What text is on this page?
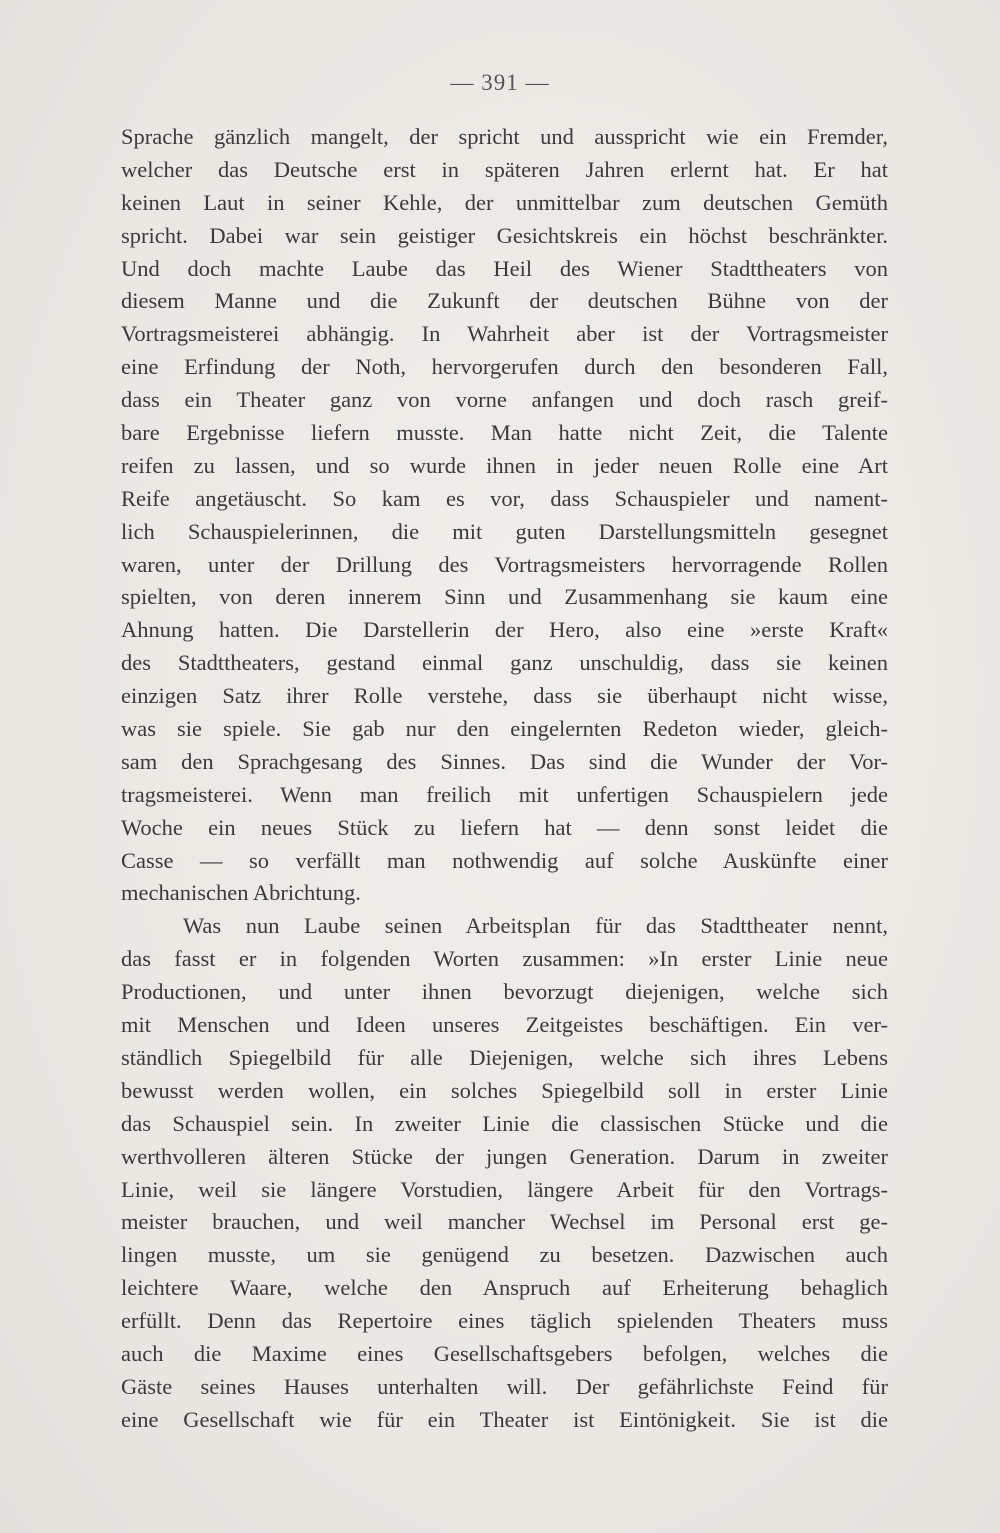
— 391 —
Sprache gänzlich mangelt, der spricht und ausspricht wie ein Fremder,
welcher das Deutsche erst in späteren Jahren erlernt hat. Er hat
keinen Laut in seiner Kehle, der unmittelbar zum deutschen Gemüth
spricht. Dabei war sein geistiger Gesichtskreis ein höchst beschränkter.
Und doch machte Laube das Heil des Wiener Stadttheaters von
diesem Manne und die Zukunft der deutschen Bühne von der
Vortragsmeisterei abhängig. In Wahrheit aber ist der Vortragsmeister
eine Erfindung der Noth, hervorgerufen durch den besonderen Fall,
dass ein Theater ganz von vorne anfangen und doch rasch greif-
bare Ergebnisse liefern musste. Man hatte nicht Zeit, die Talente
reifen zu lassen, und so wurde ihnen in jeder neuen Rolle eine Art
Reife angetäuscht. So kam es vor, dass Schauspieler und nament-
lich Schauspielerinnen, die mit guten Darstellungsmitteln gesegnet
waren, unter der Drillung des Vortragsmeisters hervorragende Rollen
spielten, von deren innerem Sinn und Zusammenhang sie kaum eine
Ahnung hatten. Die Darstellerin der Hero, also eine »erste Kraft«
des Stadttheaters, gestand einmal ganz unschuldig, dass sie keinen
einzigen Satz ihrer Rolle verstehe, dass sie überhaupt nicht wisse,
was sie spiele. Sie gab nur den eingelernten Redeton wieder, gleich-
sam den Sprachgesang des Sinnes. Das sind die Wunder der Vor-
tragsmeisterei. Wenn man freilich mit unfertigen Schauspielern jede
Woche ein neues Stück zu liefern hat — denn sonst leidet die
Casse — so verfällt man nothwendig auf solche Auskünfte einer
mechanischen Abrichtung.
Was nun Laube seinen Arbeitsplan für das Stadttheater nennt,
das fasst er in folgenden Worten zusammen: »In erster Linie neue
Productionen, und unter ihnen bevorzugt diejenigen, welche sich
mit Menschen und Ideen unseres Zeitgeistes beschäftigen. Ein ver-
ständlich Spiegelbild für alle Diejenigen, welche sich ihres Lebens
bewusst werden wollen, ein solches Spiegelbild soll in erster Linie
das Schauspiel sein. In zweiter Linie die classischen Stücke und die
werthvolleren älteren Stücke der jungen Generation. Darum in zweiter
Linie, weil sie längere Vorstudien, längere Arbeit für den Vortrags-
meister brauchen, und weil mancher Wechsel im Personal erst ge-
lingen musste, um sie genügend zu besetzen. Dazwischen auch
leichtere Waare, welche den Anspruch auf Erheiterung behaglich
erfüllt. Denn das Repertoire eines täglich spielenden Theaters muss
auch die Maxime eines Gesellschaftsgebers befolgen, welches die
Gäste seines Hauses unterhalten will. Der gefährlichste Feind für
eine Gesellschaft wie für ein Theater ist Eintönigkeit. Sie ist die
